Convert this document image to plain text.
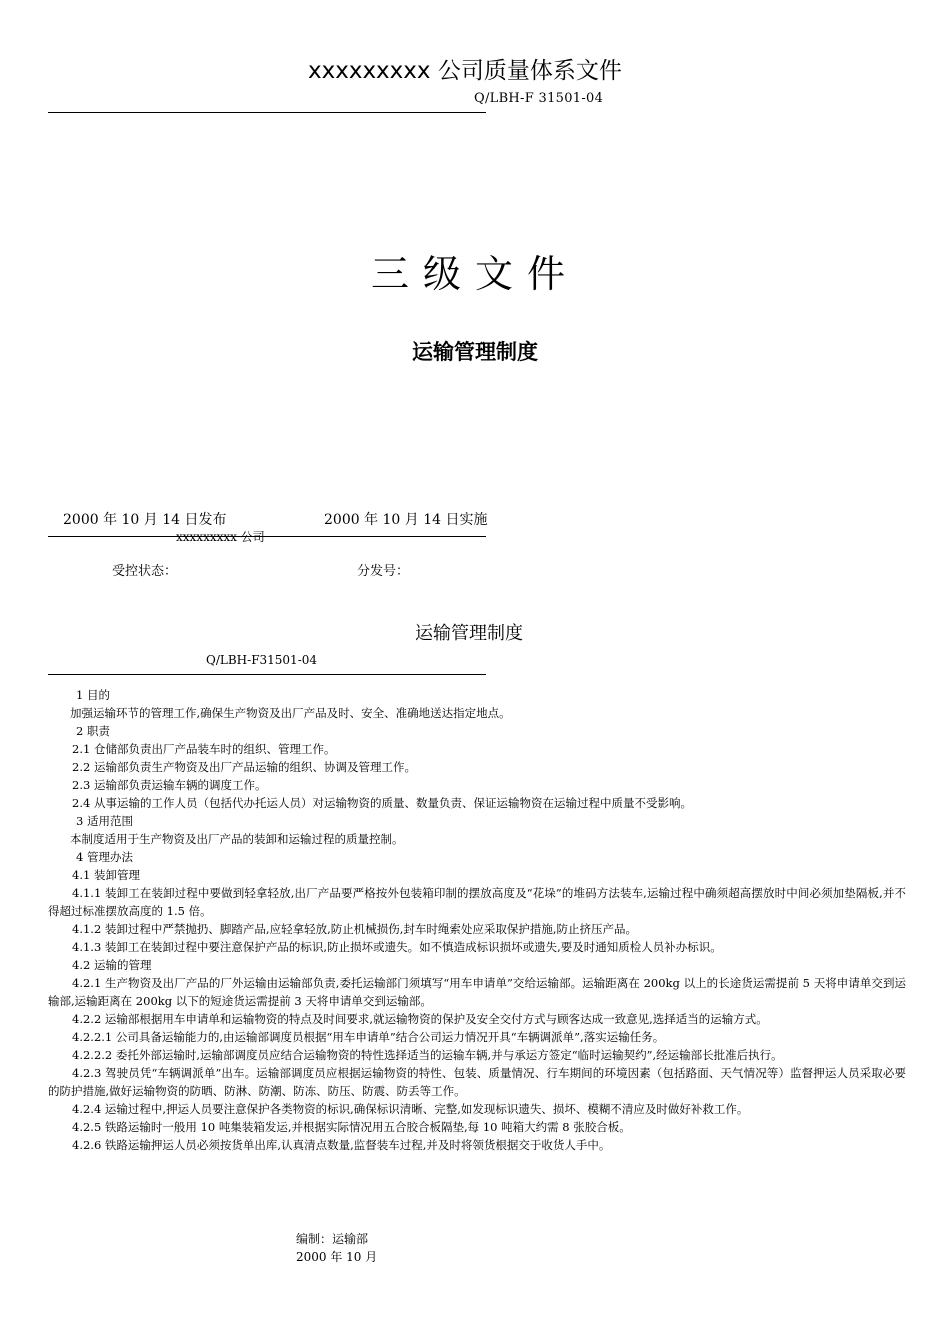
xxxxxxxxx 公司质量体系文件
Q/LBH-F 31501-04
三级文件
运输管理制度
2000 年 10 月 14 日发布	2000 年 10 月 14 日实施
xxxxxxxxx 公司
受控状态：	分发号：
运输管理制度
Q/LBH-F31501-04

1 目的

加强运输环节的管理工作,确保生产物资及出厂产品及时、安全、准确地送达指定地点。

2 职责

2.1 仓储部负责出厂产品装车时的组织、管理工作。

2.2 运输部负责生产物资及出厂产品运输的组织、协调及管理工作。

2.3 运输部负责运输车辆的调度工作。

2.4 从事运输的工作人员（包括代办托运人员）对运输物资的质量、数量负责、保证运输物资在运输过程中质量不受影响。

3 适用范围

本制度适用于生产物资及出厂产品的装卸和运输过程的质量控制。

4 管理办法

4.1 装卸管理

4.1.1 装卸工在装卸过程中要做到轻拿轻放,出厂产品要严格按外包装箱印制的摆放高度及“花垛”的堆码方法装车,运输过程中确须超高摆放时中间必须加垫隔板,并不得超过标准摆放高度的 1.5 倍。

4.1.2 装卸过程中严禁抛扔、脚踏产品,应轻拿轻放,防止机械损伤,封车时绳索处应采取保护措施,防止挤压产品。

4.1.3 装卸工在装卸过程中要注意保护产品的标识,防止损坏或遗失。如不慎造成标识损坏或遗失,要及时通知质检人员补办标识。

4.2 运输的管理

4.2.1 生产物资及出厂产品的厂外运输由运输部负责,委托运输部门须填写“用车申请单”交给运输部。运输距离在 200kg 以上的长途货运需提前 5 天将申请单交到运输部,运输距离在 200kg 以下的短途货运需提前 3 天将申请单交到运输部。

4.2.2 运输部根据用车申请单和运输物资的特点及时间要求,就运输物资的保护及安全交付方式与顾客达成一致意见,选择适当的运输方式。

4.2.2.1 公司具备运输能力的,由运输部调度员根据“用车申请单”结合公司运力情况开具“车辆调派单”,落实运输任务。

4.2.2.2 委托外部运输时,运输部调度员应结合运输物资的特性选择适当的运输车辆,并与承运方签定“临时运输契约”,经运输部长批准后执行。

4.2.3 驾驶员凭“车辆调派单”出车。运输部调度员应根据运输物资的特性、包装、质量情况、行车期间的环境因素（包括路面、天气情况等）监督押运人员采取必要的防护措施,做好运输物资的防晒、防淋、防潮、防冻、防压、防震、防丢等工作。

4.2.4 运输过程中,押运人员要注意保护各类物资的标识,确保标识清晰、完整,如发现标识遗失、损坏、模糊不清应及时做好补救工作。

4.2.5 铁路运输时一般用 10 吨集装箱发运,并根据实际情况用五合胶合板隔垫,每 10 吨箱大约需 8 张胶合板。

4.2.6 铁路运输押运人员必须按货单出库,认真清点数量,监督装车过程,并及时将领货根据交于收货人手中。

编制：运输部
2000 年 10 月
